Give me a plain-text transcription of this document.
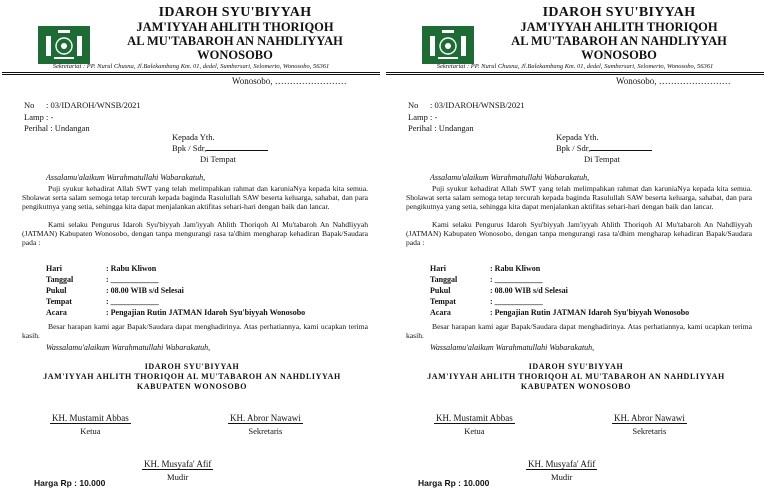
IDAROH SYU'BIYYAH
JAM'IYYAH AHLITH THORIQOH
AL MU'TABAROH AN NAHDLIYYAH
WONOSOBO
Sekretariat : PP. Nurul Chusna, Jl.Balekambang Km. 01, dedel, Sumbersari, Selomerto, Wonosobo, 56361
Wonosobo, ……………………
No : 03/IDAROH/WNSB/2021
Lamp : -
Perihal : Undangan
Kepada Yth.
Bpk / Sdr,
Di Tempat
Assalamu'alaikum Warahmatullahi Wabarakatuh,
Puji syukur kehadirat Allah SWT yang telah melimpahkan rahmat dan karuniaNya kepada kita semua. Sholawat serta salam semoga tetap tercurah kepada baginda Rasulullah SAW beserta keluarga, sahabat, dan para pengikutnya yang setia, sehingga kita dapat menjalankan aktifitas sehari-hari dengan baik dan lancar.
Kami selaku Pengurus Idaroh Syu'biyyah Jam'iyyah Ahlith Thoriqoh Al Mu'tabaroh An Nahdliyyah (JATMAN) Kabupaten Wonosobo, dengan tanpa mengurangi rasa ta'dhim mengharap kehadiran Bapak/Saudara pada :
Hari	: Rabu Kliwon
Tanggal	: ____________
Pukul	: 08.00 WIB s/d Selesai
Tempat	: ____________
Acara	: Pengajian Rutin JATMAN Idaroh Syu'biyyah Wonosobo
Besar harapan kami agar Bapak/Saudara dapat menghadirinya. Atas perhatiannya, kami ucapkan terima kasih.
Wassalamu'alaikum Warahmatullahi Wabarakatuh,
IDAROH SYU'BIYYAH
JAM'IYYAH AHLITH THORIQOH AL MU'TABAROH AN NAHDLIYYAH
KABUPATEN WONOSOBO
KH. Mustamit Abbas
Ketua
KH. Abror Nawawi
Sekretaris
KH. Musyafa' Afif
Mudir
Harga Rp : 10.000
IDAROH SYU'BIYYAH
JAM'IYYAH AHLITH THORIQOH
AL MU'TABAROH AN NAHDLIYYAH
WONOSOBO
Sekretariat : PP. Nurul Chusna, Jl.Balekambang Km. 01, dedel, Sumbersari, Selomerto, Wonosobo, 56361
Wonosobo, ……………………
No : 03/IDAROH/WNSB/2021
Lamp : -
Perihal : Undangan
Kepada Yth.
Bpk / Sdr,
Di Tempat
Assalamu'alaikum Warahmatullahi Wabarakatuh,
Puji syukur kehadirat Allah SWT yang telah melimpahkan rahmat dan karuniaNya kepada kita semua. Sholawat serta salam semoga tetap tercurah kepada baginda Rasulullah SAW beserta keluarga, sahabat, dan para pengikutnya yang setia, sehingga kita dapat menjalankan aktifitas sehari-hari dengan baik dan lancar.
Kami selaku Pengurus Idaroh Syu'biyyah Jam'iyyah Ahlith Thoriqoh Al Mu'tabaroh An Nahdliyyah (JATMAN) Kabupaten Wonosobo, dengan tanpa mengurangi rasa ta'dhim mengharap kehadiran Bapak/Saudara pada :
Hari	: Rabu Kliwon
Tanggal	: ____________
Pukul	: 08.00 WIB s/d Selesai
Tempat	: ____________
Acara	: Pengajian Rutin JATMAN Idaroh Syu'biyyah Wonosobo
Besar harapan kami agar Bapak/Saudara dapat menghadirinya. Atas perhatiannya, kami ucapkan terima kasih.
Wassalamu'alaikum Warahmatullahi Wabarakatuh,
IDAROH SYU'BIYYAH
JAM'IYYAH AHLITH THORIQOH AL MU'TABAROH AN NAHDLIYYAH
KABUPATEN WONOSOBO
KH. Mustamit Abbas
Ketua
KH. Abror Nawawi
Sekretaris
KH. Musyafa' Afif
Mudir
Harga Rp : 10.000
